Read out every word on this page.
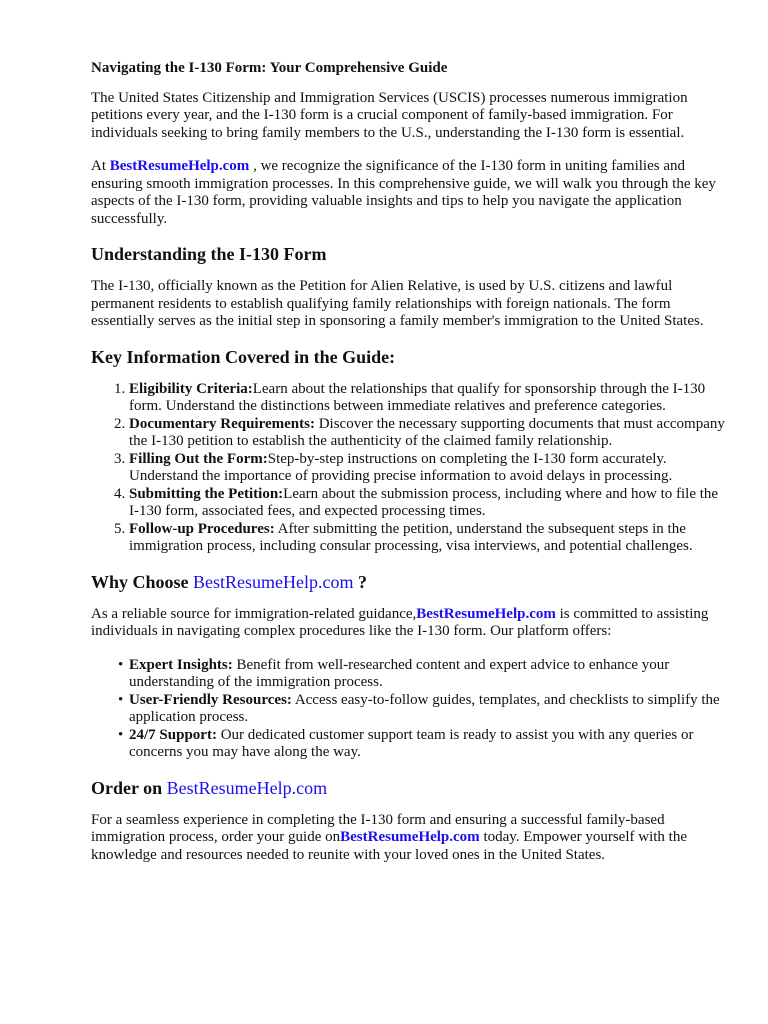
Navigating the I-130 Form: Your Comprehensive Guide

The United States Citizenship and Immigration Services (USCIS) processes numerous immigration petitions every year, and the I-130 form is a crucial component of family-based immigration. For individuals seeking to bring family members to the U.S., understanding the I-130 form is essential.

At BestResumeHelp.com , we recognize the significance of the I-130 form in uniting families and ensuring smooth immigration processes. In this comprehensive guide, we will walk you through the key aspects of the I-130 form, providing valuable insights and tips to help you navigate the application successfully.

Understanding the I-130 Form

The I-130, officially known as the Petition for Alien Relative, is used by U.S. citizens and lawful permanent residents to establish qualifying family relationships with foreign nationals. The form essentially serves as the initial step in sponsoring a family member's immigration to the United States.

Key Information Covered in the Guide:
1. Eligibility Criteria:Learn about the relationships that qualify for sponsorship through the I-130 form. Understand the distinctions between immediate relatives and preference categories.
2. Documentary Requirements: Discover the necessary supporting documents that must accompany the I-130 petition to establish the authenticity of the claimed family relationship.
3. Filling Out the Form:Step-by-step instructions on completing the I-130 form accurately. Understand the importance of providing precise information to avoid delays in processing.
4. Submitting the Petition:Learn about the submission process, including where and how to file the I-130 form, associated fees, and expected processing times.
5. Follow-up Procedures: After submitting the petition, understand the subsequent steps in the immigration process, including consular processing, visa interviews, and potential challenges.
Why Choose BestResumeHelp.com ?

As a reliable source for immigration-related guidance,BestResumeHelp.com is committed to assisting individuals in navigating complex procedures like the I-130 form. Our platform offers:

• Expert Insights: Benefit from well-researched content and expert advice to enhance your understanding of the immigration process.
• User-Friendly Resources: Access easy-to-follow guides, templates, and checklists to simplify the application process.
• 24/7 Support: Our dedicated customer support team is ready to assist you with any queries or concerns you may have along the way.
Order on BestResumeHelp.com

For a seamless experience in completing the I-130 form and ensuring a successful family-based immigration process, order your guide onBestResumeHelp.com today. Empower yourself with the knowledge and resources needed to reunite with your loved ones in the United States.
